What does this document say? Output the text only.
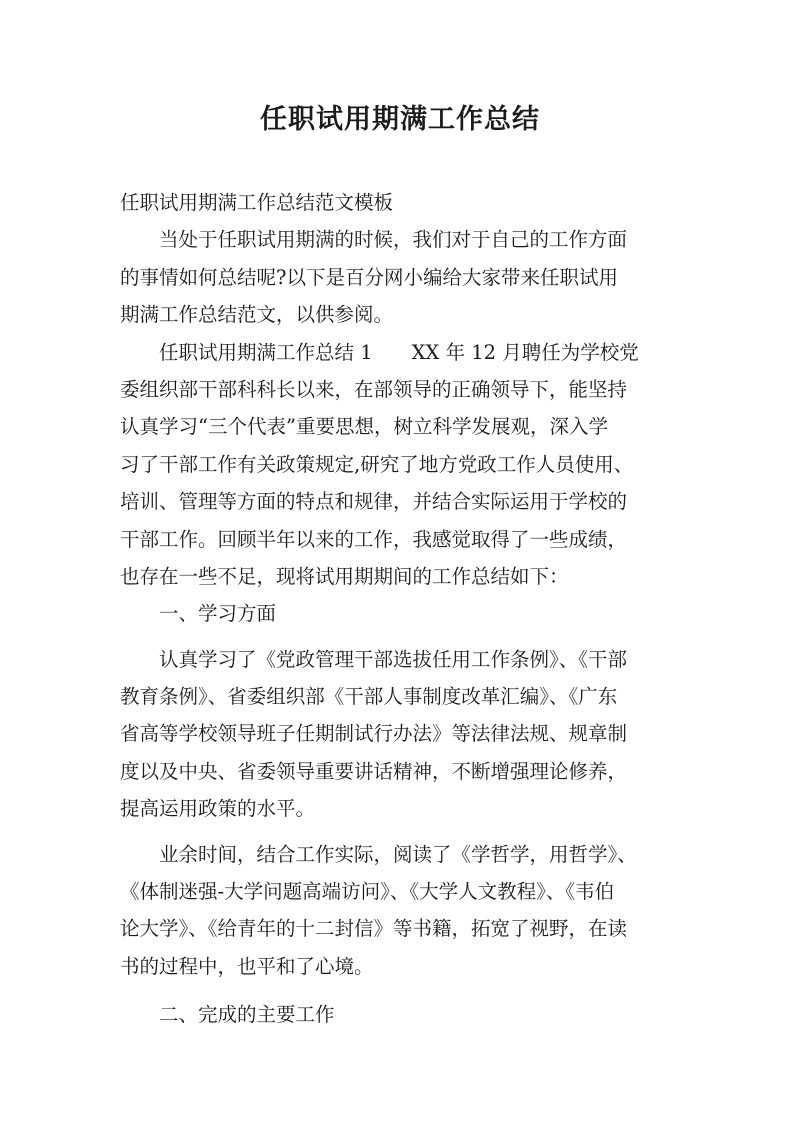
任职试用期满工作总结
任职试用期满工作总结范文模板
当处于任职试用期满的时候，我们对于自己的工作方面
的事情如何总结呢?以下是百分网小编给大家带来任职试用
期满工作总结范文，以供参阅。
任职试用期满工作总结 1　　XX 年 12 月聘任为学校党
委组织部干部科科长以来，在部领导的正确领导下，能坚持
认真学习“三个代表”重要思想，树立科学发展观，深入学
习了干部工作有关政策规定,研究了地方党政工作人员使用、
培训、管理等方面的特点和规律，并结合实际运用于学校的
干部工作。回顾半年以来的工作，我感觉取得了一些成绩，
也存在一些不足，现将试用期期间的工作总结如下：
一、学习方面
认真学习了《党政管理干部选拔任用工作条例》、《干部
教育条例》、省委组织部《干部人事制度改革汇编》、《广东
省高等学校领导班子任期制试行办法》等法律法规、规章制
度以及中央、省委领导重要讲话精神，不断增强理论修养，
提高运用政策的水平。
业余时间，结合工作实际，阅读了《学哲学，用哲学》、
《体制迷强-大学问题高端访问》、《大学人文教程》、《韦伯
论大学》、《给青年的十二封信》等书籍，拓宽了视野，在读
书的过程中，也平和了心境。
二、完成的主要工作
